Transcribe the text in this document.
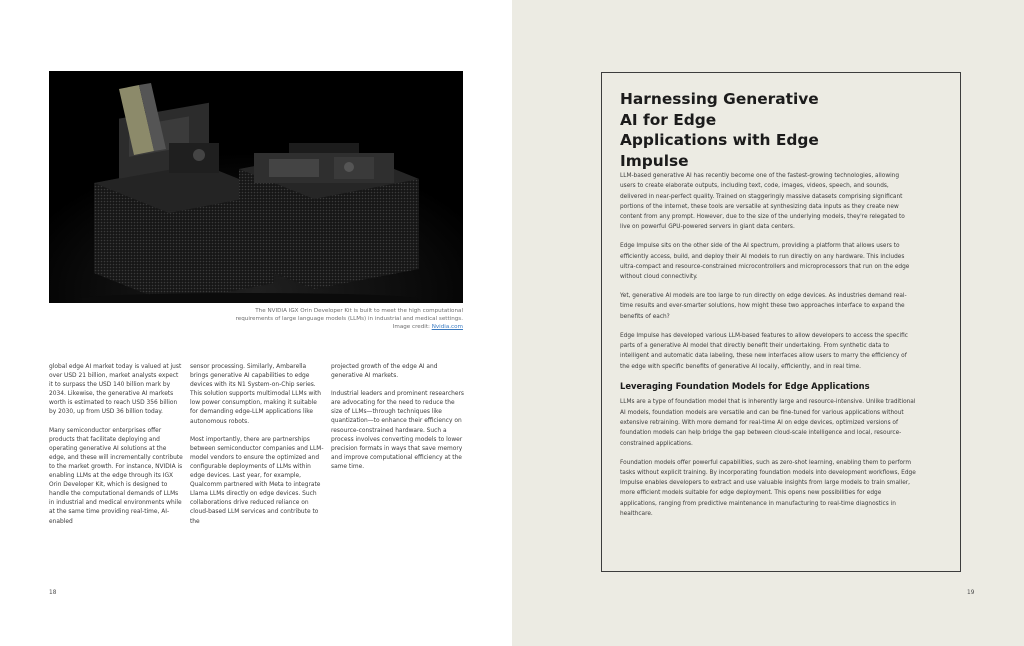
The NVIDIA IGX Orin Developer Kit is built to meet the high computational
requirements of large language models (LLMs) in industrial and medical settings.
Image credit: Nvidia.com

global edge AI market today is valued at just over USD 21 billion, market analysts expect it to surpass the USD 140 billion mark by 2034. Likewise, the generative AI markets worth is estimated to reach USD 356 billion by 2030, up from USD 36 billion today.

Many semiconductor enterprises offer products that facilitate deploying and operating generative AI solutions at the edge, and these will incrementally contribute to the market growth. For instance, NVIDIA is enabling LLMs at the edge through its IGX Orin Developer Kit, which is designed to handle the computational demands of LLMs in industrial and medical environments while at the same time providing real-time, AI-enabled

sensor processing. Similarly, Ambarella brings generative AI capabilities to edge devices with its N1 System-on-Chip series. This solution supports multimodal LLMs with low power consumption, making it suitable for demanding edge-LLM applications like autonomous robots.

Most importantly, there are partnerships between semiconductor companies and LLM-model vendors to ensure the optimized and configurable deployments of LLMs within edge devices. Last year, for example, Qualcomm partnered with Meta to integrate Llama LLMs directly on edge devices. Such collaborations drive reduced reliance on cloud-based LLM services and contribute to the

projected growth of the edge AI and generative AI markets.

Industrial leaders and prominent researchers are advocating for the need to reduce the size of LLMs—through techniques like quantization—to enhance their efficiency on resource-constrained hardware. Such a process involves converting models to lower precision formats in ways that save memory and improve computational efficiency at the same time.

18
Harnessing Generative AI for Edge Applications with Edge Impulse

LLM-based generative AI has recently become one of the fastest-growing technologies, allowing users to create elaborate outputs, including text, code, images, videos, speech, and sounds, delivered in near-perfect quality. Trained on staggeringly massive datasets comprising significant portions of the internet, these tools are versatile at synthesizing data inputs as they create new content from any prompt. However, due to the size of the underlying models, they're relegated to live on powerful GPU-powered servers in giant data centers.

Edge Impulse sits on the other side of the AI spectrum, providing a platform that allows users to efficiently access, build, and deploy their AI models to run directly on any hardware. This includes ultra-compact and resource-constrained microcontrollers and microprocessors that run on the edge without cloud connectivity.

Yet, generative AI models are too large to run directly on edge devices. As industries demand real-time results and ever-smarter solutions, how might these two approaches interface to expand the benefits of each?

Edge Impulse has developed various LLM-based features to allow developers to access the specific parts of a generative AI model that directly benefit their undertaking. From synthetic data to intelligent and automatic data labeling, these new interfaces allow users to marry the efficiency of the edge with specific benefits of generative AI locally, efficiently, and in real time.

Leveraging Foundation Models for Edge Applications

LLMs are a type of foundation model that is inherently large and resource-intensive. Unlike traditional AI models, foundation models are versatile and can be fine-tuned for various applications without extensive retraining. With more demand for real-time AI on edge devices, optimized versions of foundation models can help bridge the gap between cloud-scale intelligence and local, resource-constrained applications.

Foundation models offer powerful capabilities, such as zero-shot learning, enabling them to perform tasks without explicit training. By incorporating foundation models into development workflows, Edge Impulse enables developers to extract and use valuable insights from large models to train smaller, more efficient models suitable for edge deployment. This opens new possibilities for edge applications, ranging from predictive maintenance in manufacturing to real-time diagnostics in healthcare.

19
